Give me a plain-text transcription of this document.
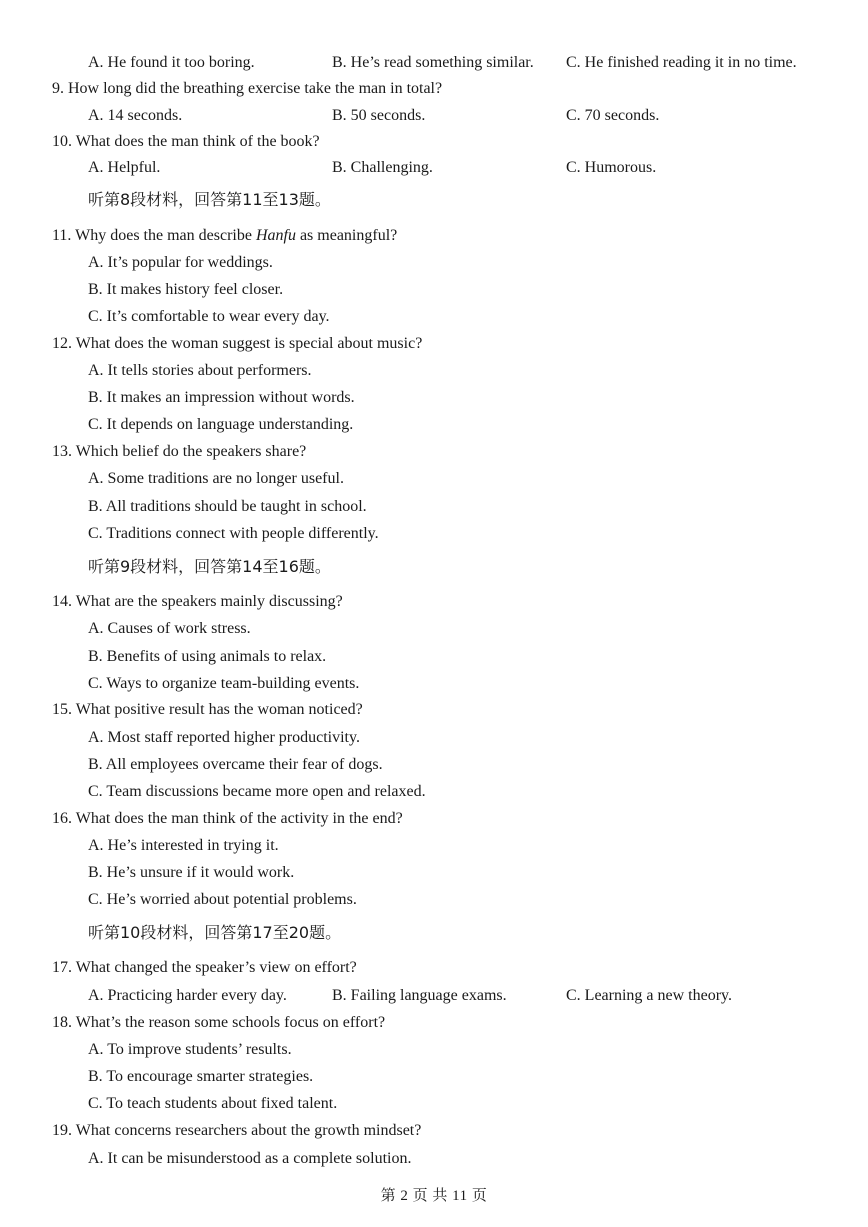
A. He found it too boring.	B. He’s read something similar. C. He finished reading it in no time.
9. How long did the breathing exercise take the man in total?
A. 14 seconds.	B. 50 seconds.	C. 70 seconds.
10. What does the man think of the book?
A. Helpful.	B. Challenging.	C. Humorous.
听第8段材料，回答第11至13题。
11. Why does the man describe Hanfu as meaningful?
A. It’s popular for weddings.
B. It makes history feel closer.
C. It’s comfortable to wear every day.
12. What does the woman suggest is special about music?
A. It tells stories about performers.
B. It makes an impression without words.
C. It depends on language understanding.
13. Which belief do the speakers share?
A. Some traditions are no longer useful.
B. All traditions should be taught in school.
C. Traditions connect with people differently.
听第9段材料，回答第14至16题。
14. What are the speakers mainly discussing?
A. Causes of work stress.
B. Benefits of using animals to relax.
C. Ways to organize team-building events.
15. What positive result has the woman noticed?
A. Most staff reported higher productivity.
B. All employees overcame their fear of dogs.
C. Team discussions became more open and relaxed.
16. What does the man think of the activity in the end?
A. He’s interested in trying it.
B. He’s unsure if it would work.
C. He’s worried about potential problems.
听第10段材料，回答第17至20题。
17. What changed the speaker’s view on effort?
A. Practicing harder every day.	B. Failing language exams.	C. Learning a new theory.
18. What’s the reason some schools focus on effort?
A. To improve students’ results.
B. To encourage smarter strategies.
C. To teach students about fixed talent.
19. What concerns researchers about the growth mindset?
A. It can be misunderstood as a complete solution.
第 2 页 共 11 页
